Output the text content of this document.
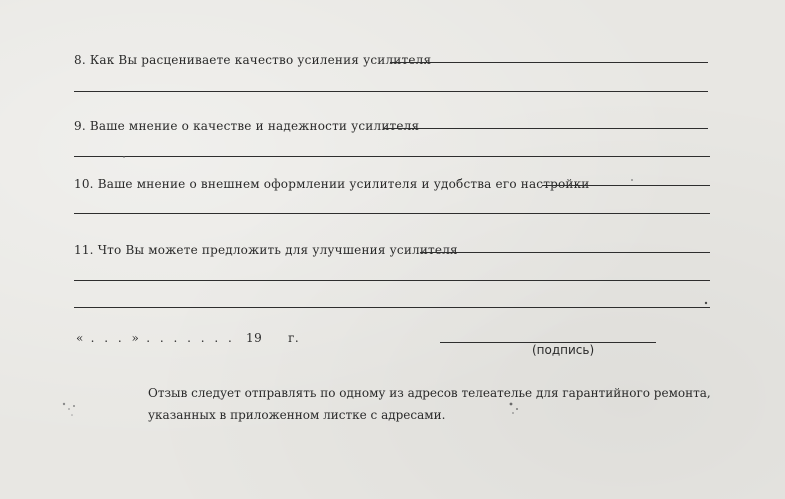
8. Как Вы расцениваете качество усиления усилителя
9. Ваше мнение о качестве и надежности усилителя
10. Ваше мнение о внешнем оформлении усилителя и удобства его настройки
11. Что Вы можете предложить для улучшения усилителя
« . . . » . . . . . . .  19 г.
(подпись)
Отзыв следует отправлять по одному из адресов телеателье для гарантийного ремонта,
указанных в приложенном листке с адресами.
